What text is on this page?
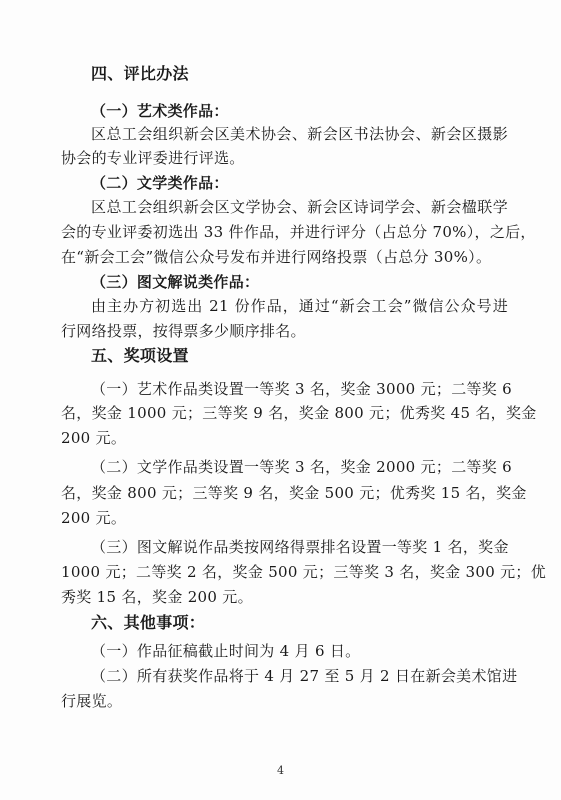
四、评比办法
（一）艺术类作品：
区总工会组织新会区美术协会、新会区书法协会、新会区摄影
协会的专业评委进行评选。
（二）文学类作品：
区总工会组织新会区文学协会、新会区诗词学会、新会楹联学
会的专业评委初选出 33 件作品，并进行评分（占总分 70%），之后，
在“新会工会”微信公众号发布并进行网络投票（占总分 30%）。
（三）图文解说类作品：
由主办方初选出 21 份作品，通过“新会工会”微信公众号进
行网络投票，按得票多少顺序排名。
五、奖项设置
（一）艺术作品类设置一等奖 3 名，奖金 3000 元；二等奖 6
名，奖金 1000 元；三等奖 9 名，奖金 800 元；优秀奖 45 名，奖金
200 元。
（二）文学作品类设置一等奖 3 名，奖金 2000 元；二等奖 6
名，奖金 800 元；三等奖 9 名，奖金 500 元；优秀奖 15 名，奖金
200 元。
（三）图文解说作品类按网络得票排名设置一等奖 1 名，奖金
1000 元；二等奖 2 名，奖金 500 元；三等奖 3 名，奖金 300 元；优
秀奖 15 名，奖金 200 元。
六、其他事项：
（一）作品征稿截止时间为 4 月 6 日。
（二）所有获奖作品将于 4 月 27 至 5 月 2 日在新会美术馆进
行展览。
4
